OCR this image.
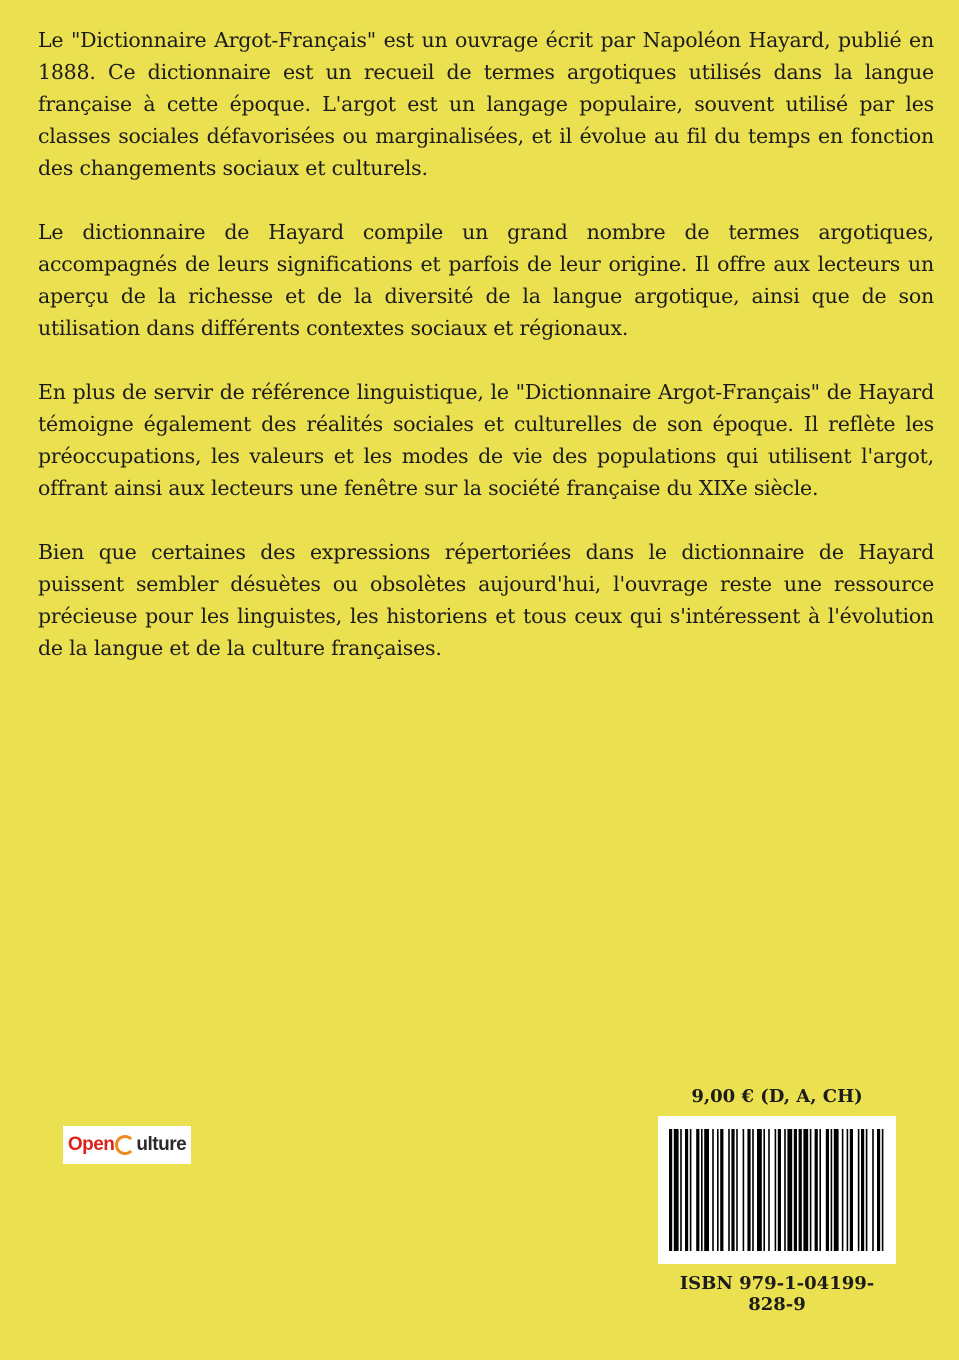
Le "Dictionnaire Argot-Français" est un ouvrage écrit par Napoléon Hayard, publié en 1888. Ce dictionnaire est un recueil de termes argotiques utilisés dans la langue française à cette époque. L'argot est un langage populaire, souvent utilisé par les classes sociales défavorisées ou marginalisées, et il évolue au fil du temps en fonction des changements sociaux et culturels.

Le dictionnaire de Hayard compile un grand nombre de termes argotiques, accompagnés de leurs significations et parfois de leur origine. Il offre aux lecteurs un aperçu de la richesse et de la diversité de la langue argotique, ainsi que de son utilisation dans différents contextes sociaux et régionaux.

En plus de servir de référence linguistique, le "Dictionnaire Argot-Français" de Hayard témoigne également des réalités sociales et culturelles de son époque. Il reflète les préoccupations, les valeurs et les modes de vie des populations qui utilisent l'argot, offrant ainsi aux lecteurs une fenêtre sur la société française du XIXe siècle.

Bien que certaines des expressions répertoriées dans le dictionnaire de Hayard puissent sembler désuètes ou obsolètes aujourd'hui, l'ouvrage reste une ressource précieuse pour les linguistes, les historiens et tous ceux qui s'intéressent à l'évolution de la langue et de la culture françaises.

Open ulture
9,00 € (D, A, CH)
ISBN 979-1-04199-828-9
